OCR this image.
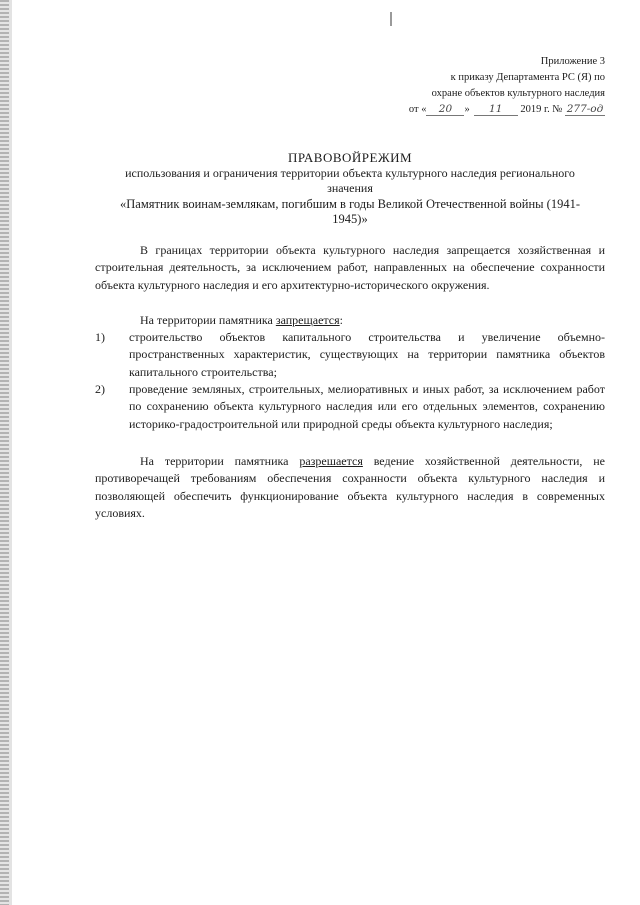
Приложение 3
к приказу Департамента РС (Я) по
охране объектов культурного наследия
от « 20 » 11 2019 г. № 277-од
ПРАВОВОЙРЕЖИМ
использования и ограничения территории объекта культурного наследия регионального значения
«Памятник воинам-землякам, погибшим в годы Великой Отечественной войны (1941-1945)»

В границах территории объекта культурного наследия запрещается хозяйственная и строительная деятельность, за исключением работ, направленных на обеспечение сохранности объекта культурного наследия и его архитектурно-исторического окружения.

На территории памятника запрещается:

1)	строительство объектов капитального строительства и увеличение объемно-пространственных характеристик, существующих на территории памятника объектов капитального строительства;
2)	проведение земляных, строительных, мелиоративных и иных работ, за исключением работ по сохранению объекта культурного наследия или его отдельных элементов, сохранению историко-градостроительной или природной среды объекта культурного наследия;

На территории памятника разрешается ведение хозяйственной деятельности, не противоречащей требованиям обеспечения сохранности объекта культурного наследия и позволяющей обеспечить функционирование объекта культурного наследия в современных условиях.
